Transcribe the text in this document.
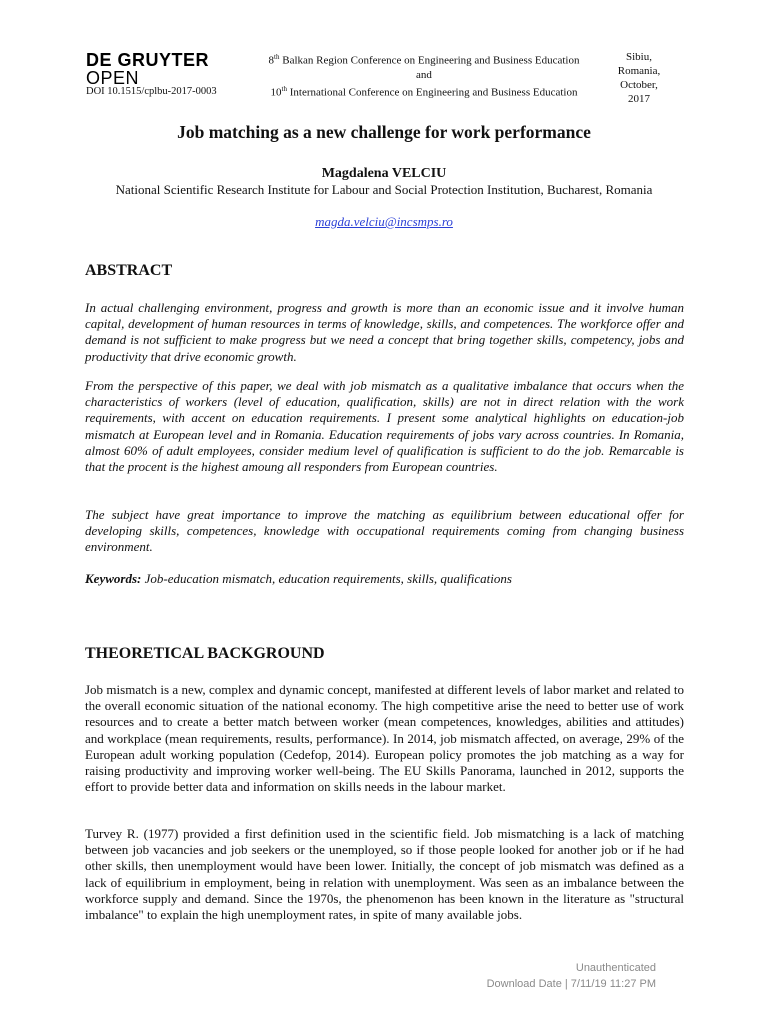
DE GRUYTER
OPEN
DOI 10.1515/cplbu-2017-0003
8th Balkan Region Conference on Engineering and Business Education
and
10th International Conference on Engineering and Business Education
Sibiu,
Romania,
October,
2017
Job matching as a new challenge for work performance
Magdalena VELCIU
National Scientific Research Institute for Labour and Social Protection Institution, Bucharest, Romania
magda.velciu@incsmps.ro
ABSTRACT

In actual challenging environment, progress and growth is more than an economic issue and it involve human capital, development of human resources in terms of knowledge, skills, and competences. The workforce offer and demand is not sufficient to make progress but we need a concept that bring together skills, competency, jobs and productivity that drive economic growth.

From the perspective of this paper, we deal with job mismatch as a qualitative imbalance that occurs when the characteristics of workers (level of education, qualification, skills) are not in direct relation with the work requirements, with accent on education requirements. I present some analytical highlights on education-job mismatch at European level and in Romania. Education requirements of jobs vary across countries. In Romania, almost 60% of adult employees, consider medium level of qualification is sufficient to do the job. Remarcable is that the procent is the highest amoung all responders from European countries.

The subject have great importance to improve the matching as equilibrium between educational offer for developing skills, competences, knowledge with occupational requirements coming from changing business environment.

Keywords: Job-education mismatch, education requirements, skills, qualifications

THEORETICAL BACKGROUND

Job mismatch is a new, complex and dynamic concept, manifested at different levels of labor market and related to the overall economic situation of the national economy. The high competitive arise the need to better use of work resources and to create a better match between worker (mean competences, knowledges, abilities and attitudes) and workplace (mean requirements, results, performance). In 2014, job mismatch affected, on average, 29% of the European adult working population (Cedefop, 2014). European policy promotes the job matching as a way for raising productivity and improving worker well-being. The EU Skills Panorama, launched in 2012, supports the effort to provide better data and information on skills needs in the labour market.

Turvey R. (1977) provided a first definition used in the scientific field. Job mismatching is a lack of matching between job vacancies and job seekers or the unemployed, so if those people looked for another job or if he had other skills, then unemployment would have been lower. Initially, the concept of job mismatch was defined as a lack of equilibrium in employment, being in relation with unemployment. Was seen as an imbalance between the workforce supply and demand. Since the 1970s, the phenomenon has been known in the literature as "structural imbalance" to explain the high unemployment rates, in spite of many available jobs.

Unauthenticated
Download Date | 7/11/19 11:27 PM
